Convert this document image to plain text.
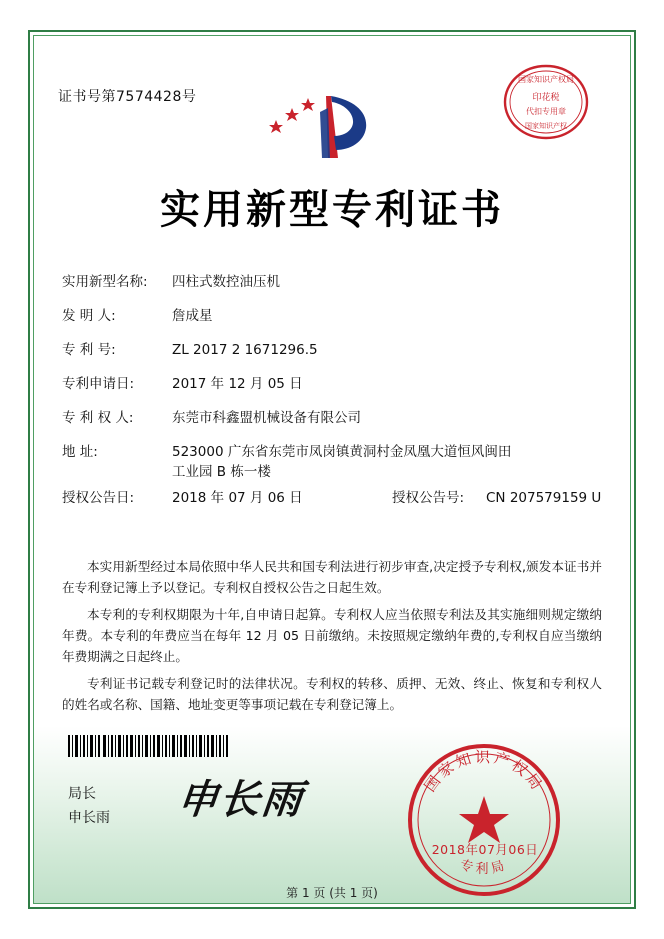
证书号第7574428号
国家知识产权局
印花税
代扣专用章
国家知识产权
实用新型专利证书
实用新型名称:	四柱式数控油压机
发 明 人:	詹成星
专 利 号:	ZL 2017 2 1671296.5
专利申请日:	2017 年 12 月 05 日
专 利 权 人:	东莞市科鑫盟机械设备有限公司
地 址:	523000 广东省东莞市凤岗镇黄洞村金凤凰大道恒风闽田
工业园 B 栋一楼
授权公告日:	2018 年 07 月 06 日	授权公告号: CN 207579159 U
本实用新型经过本局依照中华人民共和国专利法进行初步审查,决定授予专利权,颁发本证书并在专利登记簿上予以登记。专利权自授权公告之日起生效。
本专利的专利权期限为十年,自申请日起算。专利权人应当依照专利法及其实施细则规定缴纳年费。本专利的年费应当在每年 12 月 05 日前缴纳。未按照规定缴纳年费的,专利权自应当缴纳年费期满之日起终止。
专利证书记载专利登记时的法律状况。专利权的转移、质押、无效、终止、恢复和专利权人的姓名或名称、国籍、地址变更等事项记载在专利登记簿上。
局长
申长雨 申长雨	国家知识产权局
专利局
2018年07月06日
第 1 页 (共 1 页)
